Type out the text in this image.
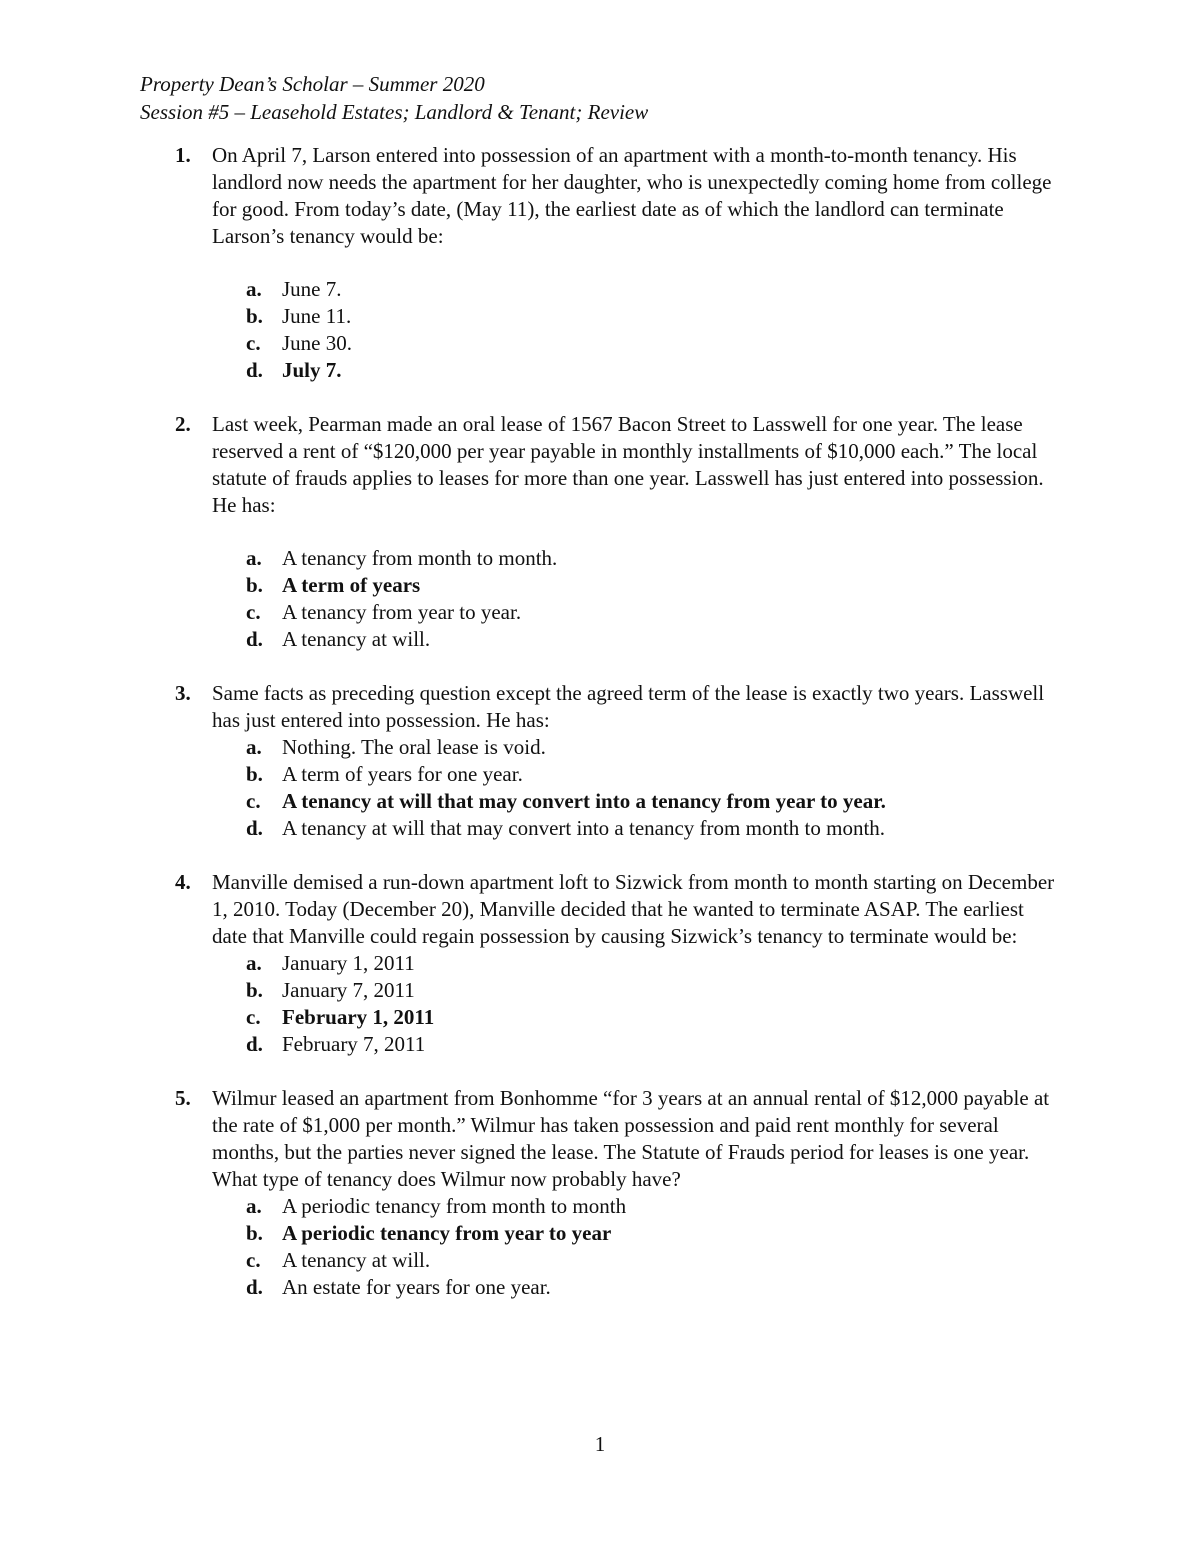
Property Dean’s Scholar – Summer 2020
Session #5 – Leasehold Estates; Landlord & Tenant; Review
1. On April 7, Larson entered into possession of an apartment with a month-to-month tenancy. His landlord now needs the apartment for her daughter, who is unexpectedly coming home from college for good. From today’s date, (May 11), the earliest date as of which the landlord can terminate Larson’s tenancy would be:

a. June 7.
b. June 11.
c. June 30.
d. July 7.
2. Last week, Pearman made an oral lease of 1567 Bacon Street to Lasswell for one year. The lease reserved a rent of “$120,000 per year payable in monthly installments of $10,000 each.” The local statute of frauds applies to leases for more than one year. Lasswell has just entered into possession. He has:

a. A tenancy from month to month.
b. A term of years
c. A tenancy from year to year.
d. A tenancy at will.
3. Same facts as preceding question except the agreed term of the lease is exactly two years. Lasswell has just entered into possession. He has:

a. Nothing. The oral lease is void.
b. A term of years for one year.
c. A tenancy at will that may convert into a tenancy from year to year.
d. A tenancy at will that may convert into a tenancy from month to month.
4. Manville demised a run-down apartment loft to Sizwick from month to month starting on December 1, 2010. Today (December 20), Manville decided that he wanted to terminate ASAP. The earliest date that Manville could regain possession by causing Sizwick’s tenancy to terminate would be:

a. January 1, 2011
b. January 7, 2011
c. February 1, 2011
d. February 7, 2011
5. Wilmur leased an apartment from Bonhomme “for 3 years at an annual rental of $12,000 payable at the rate of $1,000 per month.” Wilmur has taken possession and paid rent monthly for several months, but the parties never signed the lease. The Statute of Frauds period for leases is one year. What type of tenancy does Wilmur now probably have?

a. A periodic tenancy from month to month
b. A periodic tenancy from year to year
c. A tenancy at will.
d. An estate for years for one year.
1
